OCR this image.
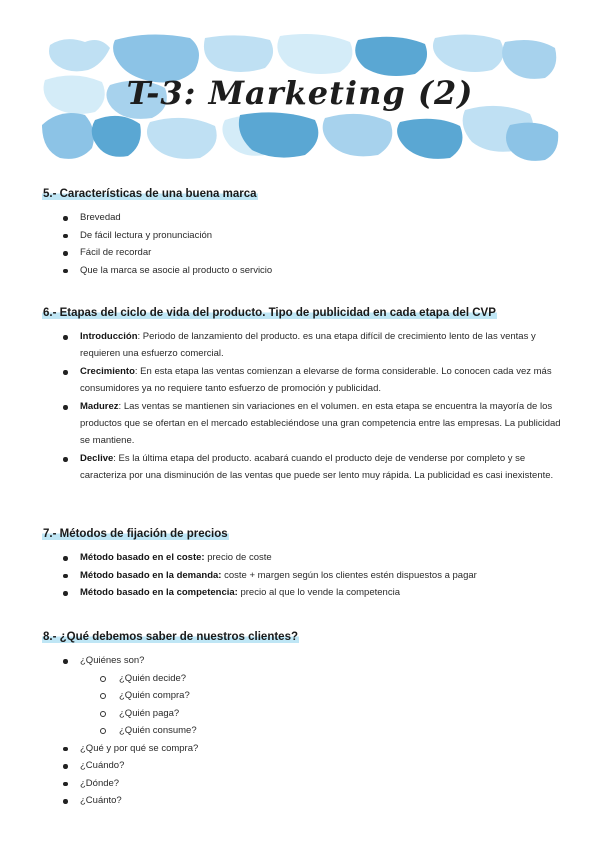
T-3: Marketing (2)
5.- Características de una buena marca
Brevedad
De fácil lectura y pronunciación
Fácil de recordar
Que la marca se asocie al producto o servicio
6.- Etapas del ciclo de vida del producto. Tipo de publicidad en cada etapa del CVP
Introducción: Periodo de lanzamiento del producto. es una etapa difícil de crecimiento lento de las ventas y requieren una esfuerzo comercial.
Crecimiento: En esta etapa las ventas comienzan a elevarse de forma considerable. Lo conocen cada vez más consumidores ya no requiere tanto esfuerzo de promoción y publicidad.
Madurez: Las ventas se mantienen sin variaciones en el volumen. en esta etapa se encuentra la mayoría de los productos que se ofertan en el mercado estableciéndose una gran competencia entre las empresas. La publicidad se mantiene.
Declive: Es la última etapa del producto. acabará cuando el producto deje de venderse por completo y se caracteriza por una disminución de las ventas que puede ser lento muy rápida. La publicidad es casi inexistente.
7.- Métodos de fijación de precios
Método basado en el coste: precio de coste
Método basado en la demanda: coste + margen según los clientes estén dispuestos a pagar
Método basado en la competencia: precio al que lo vende la competencia
8.- ¿Qué debemos saber de nuestros clientes?
¿Quiénes son?
¿Quién decide?
¿Quién compra?
¿Quién paga?
¿Quién consume?
¿Qué y por qué se compra?
¿Cuándo?
¿Dónde?
¿Cuánto?
